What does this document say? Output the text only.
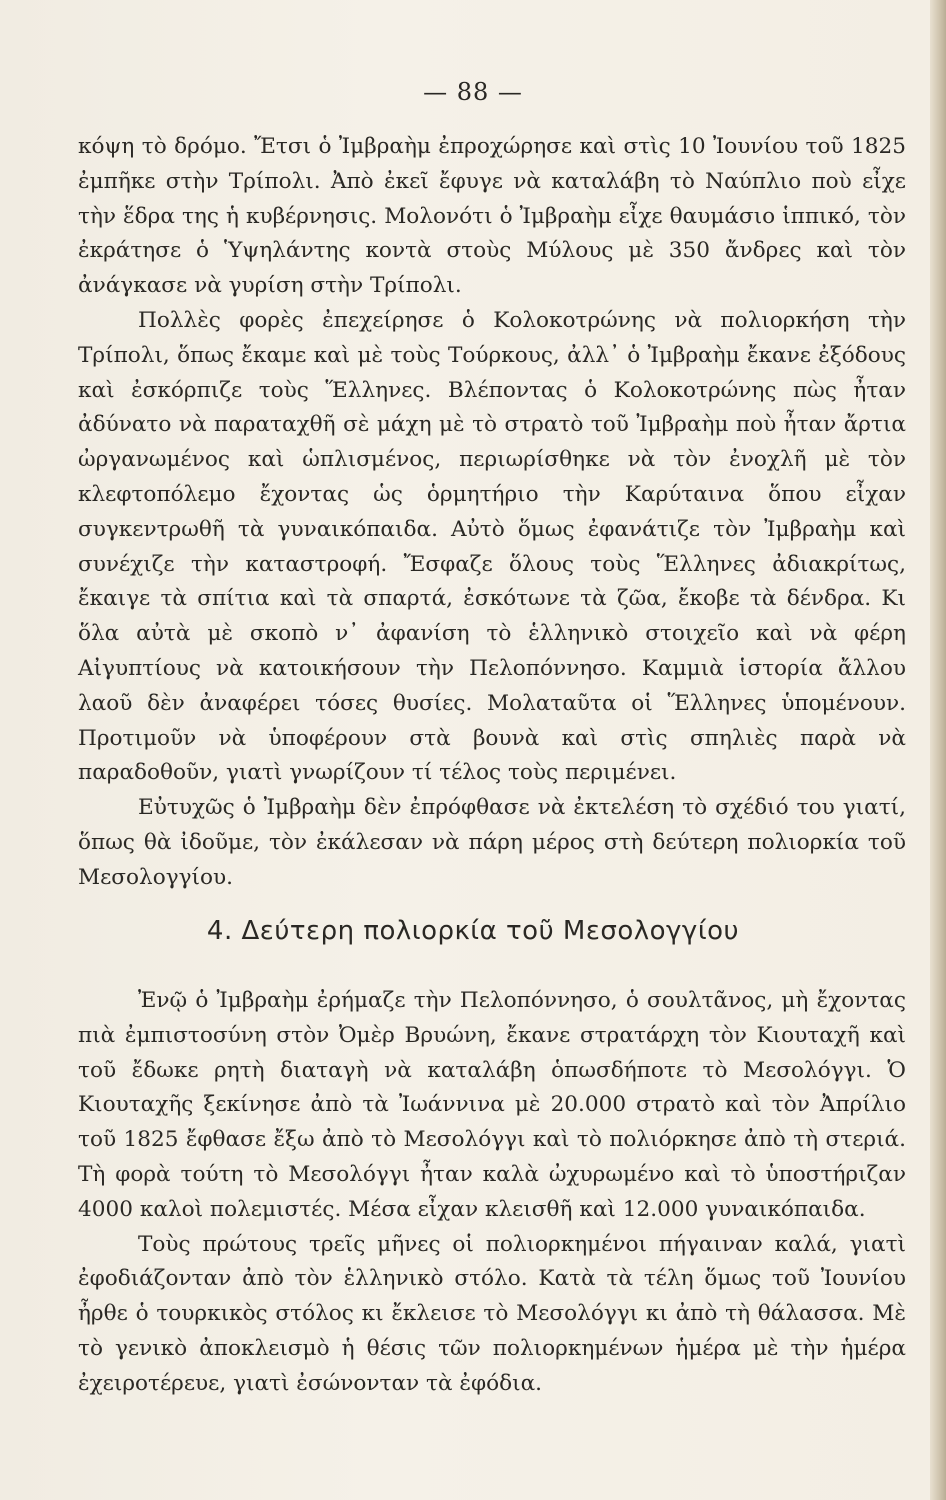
— 88 —

κόψη τὸ δρόμο. Ἔτσι ὁ Ἰμβραὴμ ἐπροχώρησε καὶ στὶς 10 Ἰουνίου τοῦ 1825 ἐμπῆκε στὴν Τρίπολι. Ἀπὸ ἐκεῖ ἔφυγε νὰ καταλάβη τὸ Ναύπλιο ποὺ εἶχε τὴν ἕδρα της ἡ κυβέρνησις. Μολονότι ὁ Ἰμβραὴμ εἶχε θαυμάσιο ἱππικό, τὸν ἐκράτησε ὁ Ὑψηλάντης κοντὰ στοὺς Μύλους μὲ 350 ἄνδρες καὶ τὸν ἀνάγκασε νὰ γυρίση στὴν Τρίπολι.

Πολλὲς φορὲς ἐπεχείρησε ὁ Κολοκοτρώνης νὰ πολιορκήση τὴν Τρίπολι, ὅπως ἔκαμε καὶ μὲ τοὺς Τούρκους, ἀλλ᾽ ὁ Ἰμβραὴμ ἔκανε ἐξόδους καὶ ἐσκόρπιζε τοὺς Ἕλληνες. Βλέποντας ὁ Κολοκοτρώνης πὼς ἦταν ἀδύνατο νὰ παραταχθῆ σὲ μάχη μὲ τὸ στρατὸ τοῦ Ἰμβραὴμ ποὺ ἦταν ἄρτια ὠργανωμένος καὶ ὡπλισμένος, περιωρίσθηκε νὰ τὸν ἐνοχλῆ μὲ τὸν κλεφτοπόλεμο ἔχοντας ὡς ὁρμητήριο τὴν Καρύταινα ὅπου εἶχαν συγκεντρωθῆ τὰ γυναικόπαιδα. Αὐτὸ ὅμως ἐφανάτιζε τὸν Ἰμβραὴμ καὶ συνέχιζε τὴν καταστροφή. Ἔσφαζε ὅλους τοὺς Ἕλληνες ἀδιακρίτως, ἔκαιγε τὰ σπίτια καὶ τὰ σπαρτά, ἐσκότωνε τὰ ζῶα, ἔκοβε τὰ δένδρα. Κι ὅλα αὐτὰ μὲ σκοπὸ ν᾽ ἀφανίση τὸ ἑλληνικὸ στοιχεῖο καὶ νὰ φέρη Αἰγυπτίους νὰ κατοικήσουν τὴν Πελοπόννησο. Καμμιὰ ἱστορία ἄλλου λαοῦ δὲν ἀναφέρει τόσες θυσίες. Μολαταῦτα οἱ Ἕλληνες ὑπομένουν. Προτιμοῦν νὰ ὑποφέρουν στὰ βουνὰ καὶ στὶς σπηλιὲς παρὰ νὰ παραδοθοῦν, γιατὶ γνωρίζουν τί τέλος τοὺς περιμένει.

Εὐτυχῶς ὁ Ἰμβραὴμ δὲν ἐπρόφθασε νὰ ἐκτελέση τὸ σχέδιό του γιατί, ὅπως θὰ ἰδοῦμε, τὸν ἐκάλεσαν νὰ πάρη μέρος στὴ δεύτερη πολιορκία τοῦ Μεσολογγίου.

4. Δεύτερη πολιορκία τοῦ Μεσολογγίου

Ἐνῷ ὁ Ἰμβραὴμ ἐρήμαζε τὴν Πελοπόννησο, ὁ σουλτᾶνος, μὴ ἔχοντας πιὰ ἐμπιστοσύνη στὸν Ὀμὲρ Βρυώνη, ἔκανε στρατάρχη τὸν Κιουταχῆ καὶ τοῦ ἔδωκε ρητὴ διαταγὴ νὰ καταλάβη ὁπωσδήποτε τὸ Μεσολόγγι. Ὁ Κιουταχῆς ξεκίνησε ἀπὸ τὰ Ἰωάννινα μὲ 20.000 στρατὸ καὶ τὸν Ἀπρίλιο τοῦ 1825 ἔφθασε ἔξω ἀπὸ τὸ Μεσολόγγι καὶ τὸ πολιόρκησε ἀπὸ τὴ στεριά. Τὴ φορὰ τούτη τὸ Μεσολόγγι ἦταν καλὰ ὠχυρωμένο καὶ τὸ ὑποστήριζαν 4000 καλοὶ πολεμιστές. Μέσα εἶχαν κλεισθῆ καὶ 12.000 γυναικόπαιδα.

Τοὺς πρώτους τρεῖς μῆνες οἱ πολιορκημένοι πήγαιναν καλά, γιατὶ ἐφοδιάζονταν ἀπὸ τὸν ἑλληνικὸ στόλο. Κατὰ τὰ τέλη ὅμως τοῦ Ἰουνίου ἦρθε ὁ τουρκικὸς στόλος κι ἔκλεισε τὸ Μεσολόγγι κι ἀπὸ τὴ θάλασσα. Μὲ τὸ γενικὸ ἀποκλεισμὸ ἡ θέσις τῶν πολιορκημένων ἡμέρα μὲ τὴν ἡμέρα ἐχειροτέρευε, γιατὶ ἐσώνονταν τὰ ἐφόδια.
